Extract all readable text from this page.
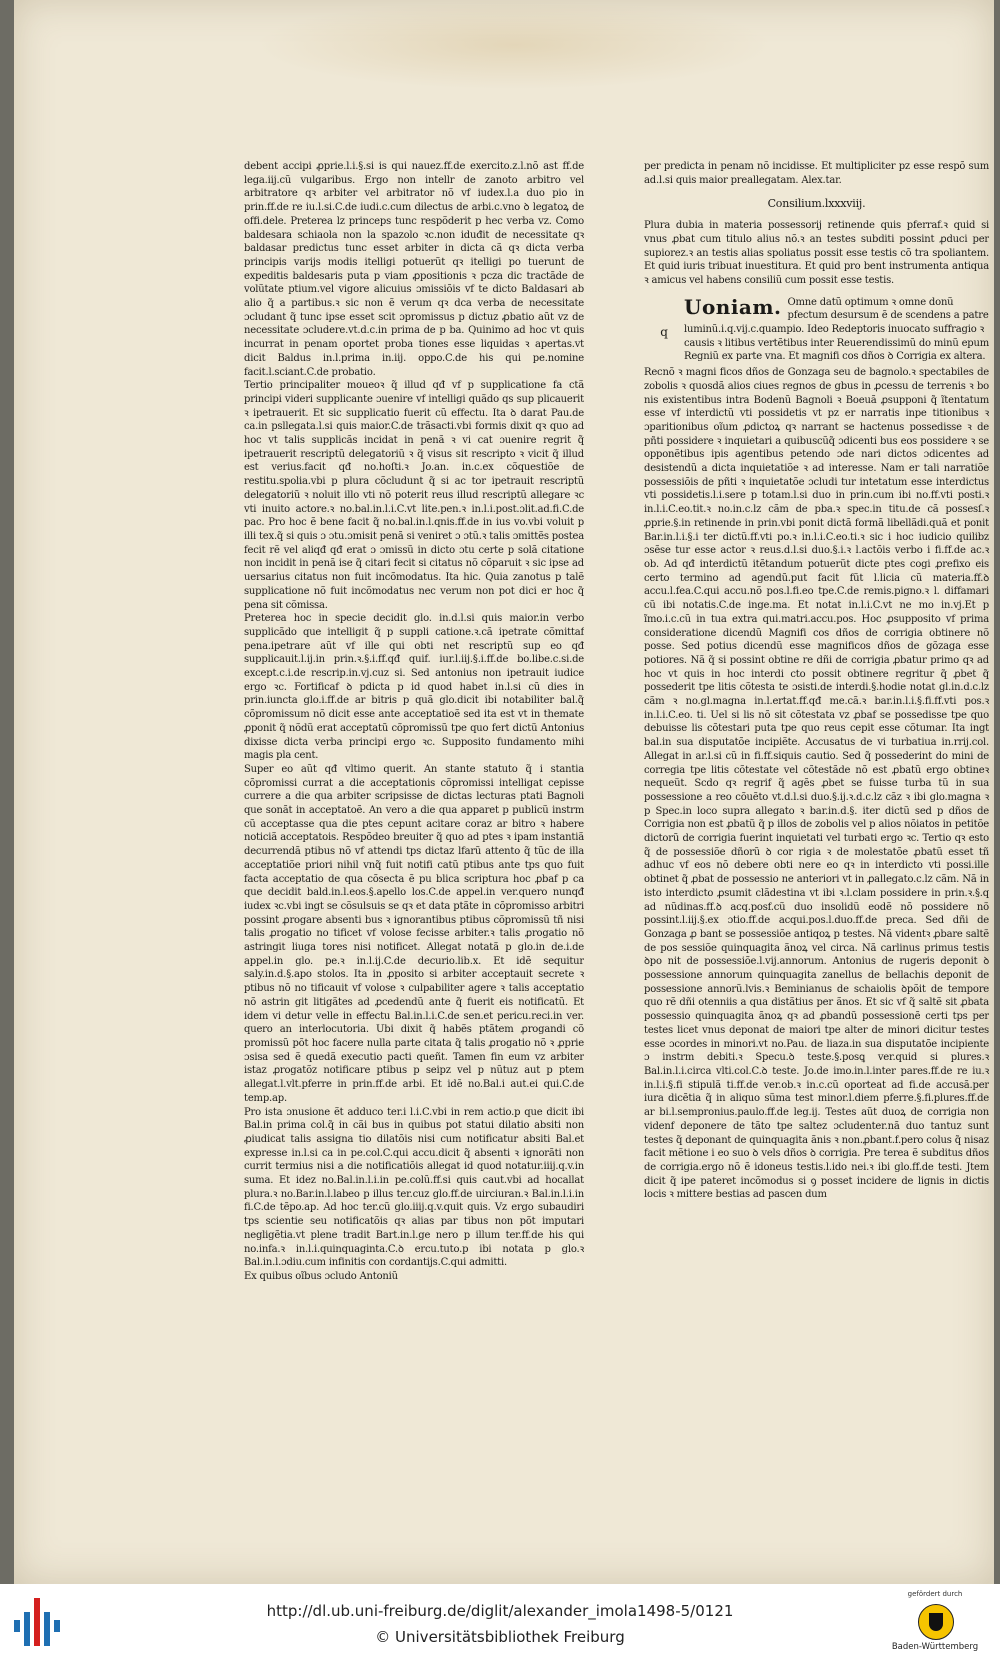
debent accipi ꝓprie.l.i.§.si is qui nauez.ff.de exercito.z.l.nõ ast ff.de lega.iij.cũ vulgaribus. Ergo non intellr de zanoto arbitro vel arbitratore qꝛ arbiter vel arbitrator nõ vf iudex.l.a duo pio in prin.ff.de re iu.l.si.C.de iudi.c.cum dilectus de arbi.c.vno ꝺ legatoꝝ de offi.dele. Preterea lz princeps tunc respõderit p hec verba vz. Como baldesara schiaola non la spazolo ꝛc.non iduđit de necessitate qꝛ baldasar predictus tunc esset arbiter in dicta cã qꝛ dicta verba principis varijs modis itelligi potuerũt qꝛ itelligi po tuerunt de expeditis baldesaris puta p viam ꝓpositionis ꝛ pcza dic tractãde de volũtate ptium.vel vigore alicuius ɔmissiõis vf te dicto Baldasari ab alio q̃ a partibus.ꝛ sic non ẽ verum qꝛ dca verba de necessitate ɔcludant q̃ tunc ipse esset scit ɔpromissus p dictuz ꝓbatio aũt vz de necessitate ɔcludere.vt.d.c.in prima de p ba. Quinimo ad hoc vt quis incurrat in penam oportet proba tiones esse liquidas ꝛ apertas.vt dicit Baldus in.l.prima in.iij. oppo.C.de his qui pe.nomine facit.l.sciant.C.de probatio.

Tertio principaliter moueoꝛ q̃ illud qđ vf p supplicatione fa ctã principi videri supplicante ɔuenire vf intelligi quãdo qs sup plicauerit ꝛ ipetrauerit. Et sic supplicatio fuerit cũ effectu. Ita ꝺ darat Pau.de ca.in psllegata.l.si quis maior.C.de trãsacti.vbi formis dixit qꝛ quo ad hoc vt talis supplicãs incidat in penã ꝛ vi cat ɔuenire regrit q̃ ipetrauerit rescriptũ delegatoriũ ꝛ q̃ visus sit rescripto ꝛ vicit q̃ illud est verius.facit qđ no.hoſti.ꝛ Jo.an. in.c.ex cõquestiõe de restitu.spolia.vbi p plura cõcludunt q̃ si ac tor ipetrauit rescriptũ delegatoriũ ꝛ noluit illo vti nõ poterit reus illud rescriptũ allegare ꝛc vti inuito actore.ꝛ no.bal.in.l.i.C.vt lite.pen.ꝛ in.l.i.post.ɔlit.ad.fi.C.de pac. Pro hoc ẽ bene facit q̃ no.bal.in.l.qnis.ff.de in ius vo.vbi voluit p illi tex.q̃ si quis ɔ ɔtu.ɔmisit penã si veniret ɔ ɔtũ.ꝛ talis ɔmittẽs postea fecit rẽ vel aliqđ qđ erat ɔ ɔmissũ in dicto ɔtu certe p solã citatione non incidit in penã ise q̃ citari fecit si citatus nõ cõparuit ꝛ sic ipse ad uersarius citatus non fuit incõmodatus. Ita hic. Quia zanotus p talẽ supplicatione nõ fuit incõmodatus nec verum non pot dici er hoc q̃ pena sit cõmissa.

Preterea hoc in specie decidit glo. in.d.l.si quis maior.in verbo supplicãdo que intelligit q̃ p suppli catione.ꝛ.cã ipetrate cõmittaf pena.ipetrare aũt vf ille qui obti net rescriptũ sup eo qđ supplicauit.l.ij.in prin.ꝛ.§.i.ff.qđ quif. iur.l.iij.§.i.ff.de bo.libe.c.si.de except.c.i.de rescrip.in.vj.cuz si. Sed antonius non ipetrauit iudice ergo ꝛc. Fortificaf ꝺ pdicta p id quod habet in.l.si cũ dies in prin.iuncta glo.i.ff.de ar bitris p quã glo.dicit ibi notabiliter bal.q̃ cõpromissum nõ dicit esse ante acceptatioẽ sed ita est vt in themate ꝓponit q̃ nõdũ erat acceptatũ cõpromissũ tpe quo fert dictũ Antonius dixisse dicta verba principi ergo ꝛc. Supposito fundamento mihi magis pla cent.

Super eo aũt qđ vltimo querit. An stante statuto q̃ i stantia cõpromissi currat a die acceptationis cõpromissi intelligat cepisse currere a die qua arbiter scripsisse de dictas lecturas ptati Bagnoli que sonãt in acceptatoẽ. An vero a die qua apparet p publicũ instrm cũ acceptasse qua die ptes cepunt acitare coraz ar bitro ꝛ habere noticiã acceptatois. Respõdeo breuiter q̃ quo ad ptes ꝛ ipam instantiã decurrendã ptibus nõ vf attendi tps dictaz lfarũ attento q̃ tũc de illa acceptatiõe priori nihil vnq̃ fuit notifi catũ ptibus ante tps quo fuit facta acceptatio de qua cõsecta ẽ pu blica scriptura hoc ꝓbaf p ca que decidit bald.in.l.eos.§.apello los.C.de appel.in ver.quero nunqđ iudex ꝛc.vbi ingt se cõsulsuis se qꝛ et data ptãte in cõpromisso arbitri possint ꝓrogare absenti bus ꝛ ignorantibus ptibus cõpromissũ tñ nisi talis ꝓrogatio no tificet vf volose fecisse arbiter.ꝛ talis ꝓrogatio nõ astringit liuga tores nisi notificet. Allegat notatã p glo.in de.i.de appel.in glo. pe.ꝛ in.l.ij.C.de decurio.lib.x. Et idẽ sequitur saly.in.d.§.apo stolos. Ita in ꝓposito si arbiter acceptauit secrete ꝛ ptibus nõ no tificauit vf volose ꝛ culpabiliter agere ꝛ talis acceptatio nõ astrin git litigãtes ad ꝓcedendũ ante q̃ fuerit eis notificatũ. Et idem vi detur velle in effectu Bal.in.l.i.C.de sen.et pericu.reci.in ver. quero an interlocutoria. Ubi dixit q̃ habẽs ptãtem ꝓrogandi cõ promissũ põt hoc facere nulla parte citata q̃ talis ꝓrogatio nõ ꝛ ꝓprie ɔsisa sed ẽ quedã executio pacti queñt. Tamen fin eum vz arbiter istaz ꝓrogatõz notificare ptibus p seipz vel p nũtuz aut p ptem allegat.l.vlt.pferre in prin.ff.de arbi. Et idẽ no.Bal.i aut.ei qui.C.de temp.ap.

Pro ista ɔnusione ẽt adduco ter.i l.i.C.vbi in rem actio.p que dicit ibi Bal.in prima col.q̃ in cãi bus in quibus pot statui dilatio absiti non ꝓiudicat talis assigna tio dilatõis nisi cum notificatur absiti Bal.et expresse in.l.si ca in pe.col.C.qui accu.dicit q̃ absenti ꝛ ignorãti non currit termius nisi a die notificatiõis allegat id quod notatur.iiij.q.v.in suma. Et idez no.Bal.in.l.i.in pe.colũ.ff.si quis caut.vbi ad hocallat plura.ꝛ no.Bar.in.l.labeo p illus ter.cuz glo.ff.de uirciuran.ꝛ Bal.in.l.i.in fi.C.de tẽpo.ap. Ad hoc ter.cũ glo.iiij.q.v.quit quis. Vz ergo subaudiri tps scientie seu notificatõis qꝛ alias par tibus non põt imputari negligẽtia.vt plene tradit Bart.in.l.ge nero p illum ter.ff.de his qui no.infa.ꝛ in.l.i.quinquaginta.C.ꝺ ercu.tuto.p ibi notata p glo.ꝛ Bal.in.l.ɔdiu.cum infinitis con cordantijs.C.qui admitti.

Ex quibus oĩbus ɔcludo Antoniũ

per predicta in penam nõ incidisse. Et multipliciter pz esse respõ sum ad.l.si quis maior preallegatam. Alex.tar.

Consilium.lxxxviij.

Plura dubia in materia possessorij retinende quis pferraf.ꝛ quid si vnus ꝓbat cum titulo alius nõ.ꝛ an testes subditi possint ꝓduci per supiorez.ꝛ an testis alias spoliatus possit esse testis cõ tra spoliantem. Et quid iuris tribuat inuestitura. Et quid pro bent instrumenta antiqua ꝛ amicus vel habens consiliũ cum possit esse testis.

q
Uoniam. Omne datũ optimum ꝛ omne donũ pfectum desursum ẽ de scendens a patre luminũ.i.q.vij.c.quampio. Ideo Redeptoris inuocato suffragio ꝛ causis ꝛ litibus vertẽtibus inter Reuerendissimũ do minũ epum Regniũ ex parte vna. Et magnifi cos dños ꝺ Corrigia ex altera.

Recnõ ꝛ magni ficos dños de Gonzaga seu de bagnolo.ꝛ spectabiles de zobolis ꝛ quosdã alios ciues regnos de gbus in ꝓcessu de terrenis ꝛ bo nis existentibus intra Bodenũ Bagnoli ꝛ Boeuã ꝓsupponi q̃ ĩtentatum esse vf interdictũ vti possidetis vt pz er narratis inpe titionibus ꝛ ɔparitionibus oĩum ꝓdictoꝝ qꝛ narrant se hactenus possedisse ꝛ de pñti possidere ꝛ inquietari a quibuscũq̃ ɔdicenti bus eos possidere ꝛ se opponẽtibus ipis agentibus petendo ɔde nari dictos ɔdicentes ad desistendũ a dicta inquietatiõe ꝛ ad interesse. Nam er tali narratiõe possessiõis de pñti ꝛ inquietatõe ɔcludi tur intetatum esse interdictus vti possidetis.l.i.sere p totam.l.si duo in prin.cum ibi no.ff.vti posti.ꝛ in.l.i.C.eo.tit.ꝛ no.in.c.lz cãm de pba.ꝛ spec.in titu.de cã possesſ.ꝛ ꝓprie.§.in retinende in prin.vbi ponit dictã formã libellãdi.quã et ponit Bar.in.l.i.§.i ter dictũ.ff.vti po.ꝛ in.l.i.C.eo.ti.ꝛ sic i hoc iudicio quilibz ɔsẽse tur esse actor ꝛ reus.d.l.si duo.§.i.ꝛ l.actõis verbo i fi.ff.de ac.ꝛ ob. Ad qđ interdictũ itẽtandum potuerũt dicte ptes cogi ꝓrefixo eis certo termino ad agendũ.put facit fũt l.licia cũ materia.ff.ꝺ accu.l.fea.C.qui accu.nõ pos.l.fi.eo tpe.C.de remis.pigno.ꝛ l. diffamari cũ ibi notatis.C.de inge.ma. Et notat in.l.i.C.vt ne mo in.vj.Et p ĩmo.i.c.cũ in tua extra qui.matri.accu.pos. Hoc ꝓsupposito vf prima consideratione dicendũ Magnifi cos dños de corrigia obtinere nõ posse. Sed potius dicendũ esse magnificos dños de gõzaga esse potiores. Nã q̃ si possint obtine re dñi de corrigia ꝓbatur primo qꝛ ad hoc vt quis in hoc interdi cto possit obtinere regritur q̃ ꝓbet q̃ possederit tpe litis cõtesta te ɔsisti.de interdi.§.hodie notat gl.in.d.c.lz cãm ꝛ no.gl.magna in.l.ertat.ff.qđ me.cã.ꝛ bar.in.l.i.§.fi.ff.vti pos.ꝛ in.l.i.C.eo. ti. Uel si lis nõ sit cõtestata vz ꝓbaf se possedisse tpe quo debuisse lis cõtestari puta tpe quo reus cepit esse cõtumar. Ita ingt bal.in sua disputatõe incipiẽte. Accusatus de vi turbatiua in.rrij.col. Allegat in ar.l.si cũ in fi.ff.siquis cautio. Sed q̃ possederint do mini de corregia tpe litis cõtestate vel cõtestãde nõ est ꝓbatũ ergo obtineꝛ nequeũt. Scdo qꝛ regrif q̃ agẽs ꝓbet se fuisse turba tũ in sua possessione a reo cõuẽto vt.d.l.si duo.§.ij.ꝛ.d.c.lz cãz ꝛ ibi glo.magna ꝛ p Spec.in loco supra allegato ꝛ bar.in.d.§. iter dictũ sed p dños de Corrigia non est ꝓbatũ q̃ p illos de zobolis vel p alios nõiatos in petitõe dictorũ de corrigia fuerint inquietati vel turbati ergo ꝛc. Tertio qꝛ esto q̃ de possessiõe dñorũ ꝺ cor rigia ꝛ de molestatõe ꝓbatũ esset tñ adhuc vf eos nõ debere obti nere eo qꝛ in interdicto vti possi.ille obtinet q̃ ꝓbat de possessio ne anteriori vt in ꝓallegato.c.lz cãm. Nã in isto interdicto ꝓsumit clãdestina vt ibi ꝛ.l.clam possidere in prin.ꝛ.§.q ad nũdinas.ff.ꝺ acq.posf.cũ duo insolidũ eodẽ nõ possidere nõ possint.l.iij.§.ex ɔtio.ff.de acqui.pos.l.duo.ff.de preca. Sed dñi de Gonzaga ꝓ bant se possessiõe antiqoꝝ p testes. Nã videntꝛ ꝓbare saltẽ de pos sessiõe quinquagita ãnoꝝ vel circa. Nã carlinus primus testis ꝺpo nit de possessiõe.l.vij.annorum. Antonius de rugeris deponit ꝺ possessione annorum quinquagita zanellus de bellachis deponit de possessione annorũ.lvis.ꝛ Beminianus de schaiolis ꝺpõit de tempore quo rẽ dñi otenniis a qua distãtius per ãnos. Et sic vf q̃ saltẽ sit ꝓbata possessio quinquagita ãnoꝝ qꝛ ad ꝓbandũ possessionẽ certi tps per testes licet vnus deponat de maiori tpe alter de minori dicitur testes esse ɔcordes in minori.vt no.Pau. de liaza.in sua disputatõe incipiente ɔ instrm debiti.ꝛ Specu.ꝺ teste.§.posꝗ ver.quid si plures.ꝛ Bal.in.l.i.circa vlti.col.C.ꝺ teste. Jo.de imo.in.l.inter pares.ff.de re iu.ꝛ in.l.i.§.fi stipulã ti.ff.de ver.ob.ꝛ in.c.cũ oporteat ad fi.de accusã.per iura dicẽtia q̃ in aliquo sũma test minor.l.diem pferre.§.fi.plures.ff.de ar bi.l.sempronius.paulo.ff.de leg.ij. Testes aũt duoꝝ de corrigia non videnf deponere de tãto tpe saltez ɔcludenter.nã duo tantuz sunt testes q̃ deponant de quinquagita ãnis ꝛ non.ꝓbant.f.pero colus q̃ nisaz facit mẽtione i eo suo ꝺ vels dños ꝺ corrigia. Pre terea ẽ subditus dños de corrigia.ergo nõ ẽ idoneus testis.l.ido nei.ꝛ ibi glo.ff.de testi. Jtem dicit q̃ ipe pateret incõmodus si ꝯ posset incidere de lignis in dictis locis ꝛ mittere bestias ad pascen dum

http://dl.ub.uni-freiburg.de/diglit/alexander_imola1498-5/0121
© Universitätsbibliothek Freiburg
gefördert durch
Baden-Württemberg
